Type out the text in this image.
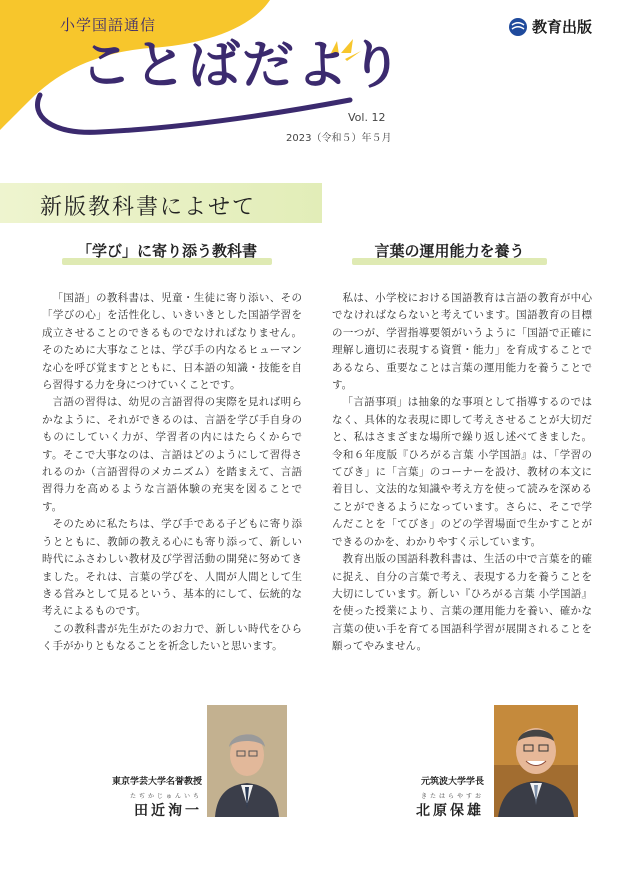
小学国語通信
ことばだより
教育出版
Vol. 12
2023（令和５）年５月
新版教科書によせて
「学び」に寄り添う教科書	言葉の運用能力を養う

「国語」の教科書は、児童・生徒に寄り添い、その「学びの心」を活性化し、いきいきとした国語学習を成立させることのできるものでなければなりません。そのために大事なことは、学び手の内なるヒューマンな心を呼び覚ますとともに、日本語の知識・技能を自ら習得する力を身につけていくことです。

言語の習得は、幼児の言語習得の実際を見れば明らかなように、それができるのは、言語を学び手自身のものにしていく力が、学習者の内にはたらくからです。そこで大事なのは、言語はどのようにして習得されるのか（言語習得のメカニズム）を踏まえて、言語習得力を高めるような言語体験の充実を図ることです。

そのために私たちは、学び手である子どもに寄り添うとともに、教師の教える心にも寄り添って、新しい時代にふさわしい教材及び学習活動の開発に努めてきました。それは、言葉の学びを、人間が人間として生きる営みとして見るという、基本的にして、伝統的な考えによるものです。

この教科書が先生がたのお力で、新しい時代をひらく手がかりともなることを祈念したいと思います。

私は、小学校における国語教育は言語の教育が中心でなければならないと考えています。国語教育の目標の一つが、学習指導要領がいうように「国語で正確に理解し適切に表現する資質・能力」を育成することであるなら、重要なことは言葉の運用能力を養うことです。

「言語事項」は抽象的な事項として指導するのではなく、具体的な表現に即して考えさせることが大切だと、私はさまざまな場所で繰り返し述べてきました。令和６年度版『ひろがる言葉 小学国語』は、「学習のてびき」に「言葉」のコーナーを設け、教材の本文に着目し、文法的な知識や考え方を使って読みを深めることができるようになっています。さらに、そこで学んだことを「てびき」のどの学習場面で生かすことができるのかを、わかりやすく示しています。

教育出版の国語科教科書は、生活の中で言葉を的確に捉え、自分の言葉で考え、表現する力を養うことを大切にしています。新しい『ひろがる言葉 小学国語』を使った授業により、言葉の運用能力を養い、確かな言葉の使い手を育てる国語科学習が展開されることを願ってやみません。

東京学芸大学名誉教授
たぢかじゅんいち
田近洵一
元筑波大学学長
きたはらやすお
北原保雄
